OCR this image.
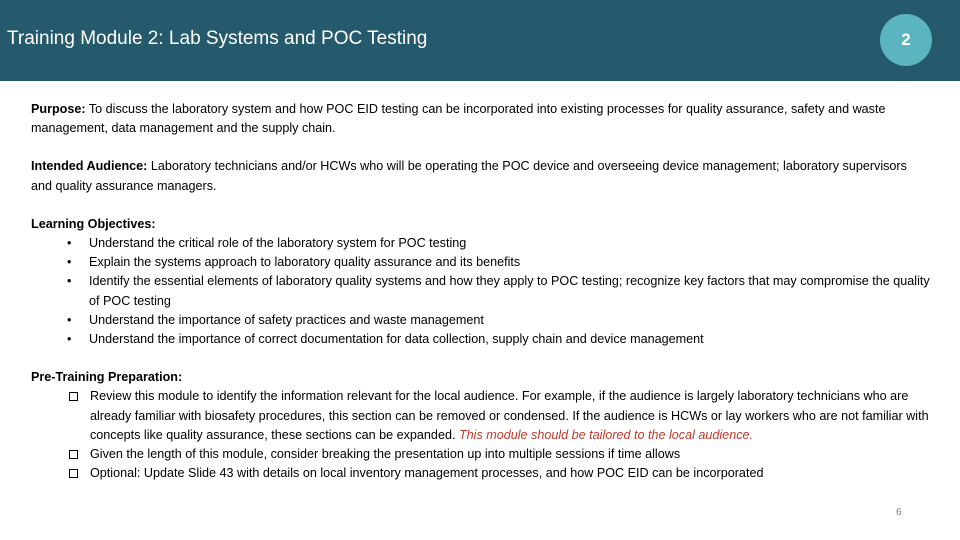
Training Module 2: Lab Systems and POC Testing	2

Purpose: To discuss the laboratory system and how POC EID testing can be incorporated into existing processes for quality assurance, safety and waste management, data management and the supply chain.

Intended Audience: Laboratory technicians and/or HCWs who will be operating the POC device and overseeing device management; laboratory supervisors and quality assurance managers.

Learning Objectives:
• Understand the critical role of the laboratory system for POC testing
• Explain the systems approach to laboratory quality assurance and its benefits
• Identify the essential elements of laboratory quality systems and how they apply to POC testing; recognize key factors that may compromise the quality of POC testing
• Understand the importance of safety practices and waste management
• Understand the importance of correct documentation for data collection, supply chain and device management
Pre-Training Preparation:
Review this module to identify the information relevant for the local audience. For example, if the audience is largely laboratory technicians who are already familiar with biosafety procedures, this section can be removed or condensed. If the audience is HCWs or lay workers who are not familiar with concepts like quality assurance, these sections can be expanded. This module should be tailored to the local audience.
Given the length of this module, consider breaking the presentation up into multiple sessions if time allows
Optional: Update Slide 43 with details on local inventory management processes, and how POC EID can be incorporated
6
